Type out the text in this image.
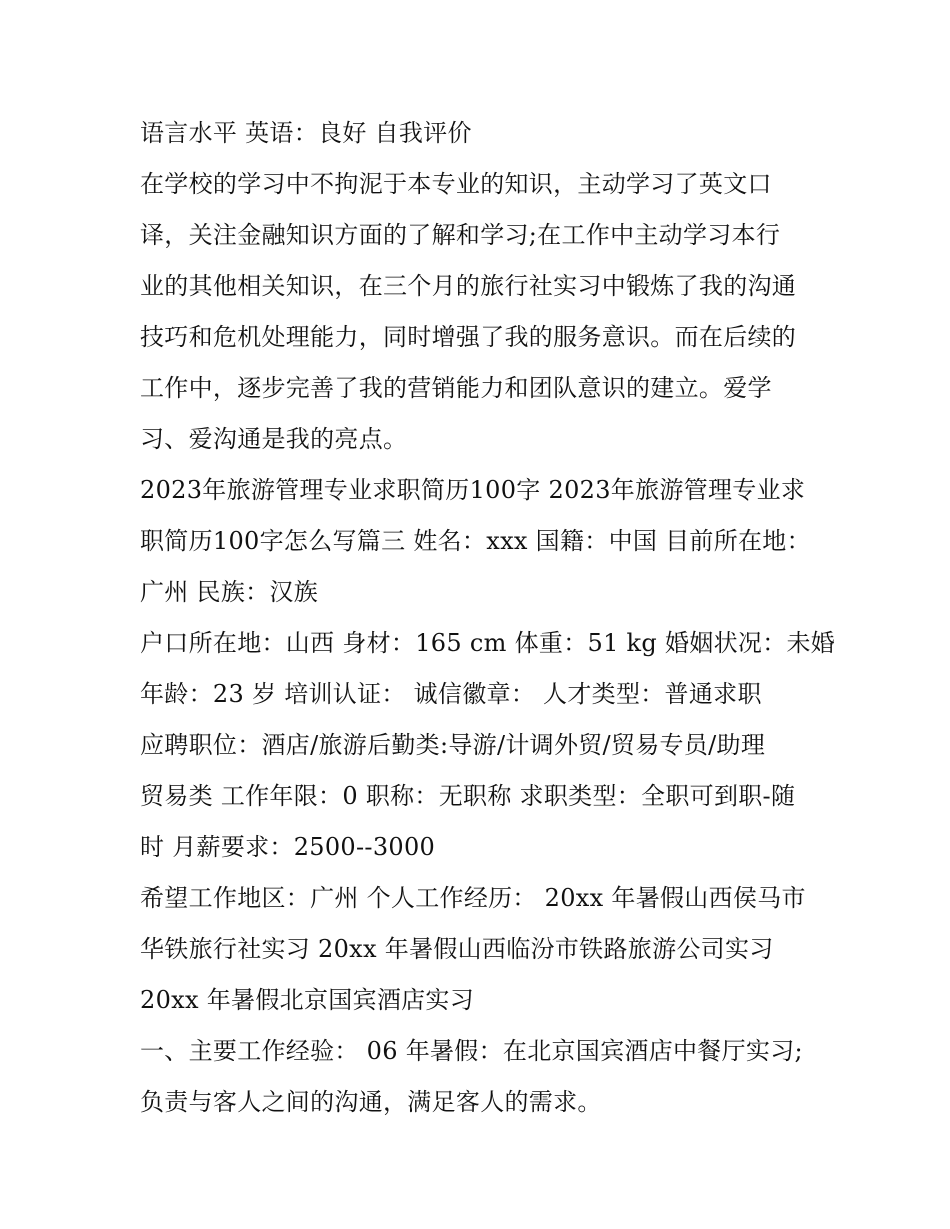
语言水平 英语：良好 自我评价
在学校的学习中不拘泥于本专业的知识，主动学习了英文口
译，关注金融知识方面的了解和学习;在工作中主动学习本行
业的其他相关知识，在三个月的旅行社实习中锻炼了我的沟通
技巧和危机处理能力，同时增强了我的服务意识。而在后续的
工作中，逐步完善了我的营销能力和团队意识的建立。爱学
习、爱沟通是我的亮点。
2023年旅游管理专业求职简历100字 2023年旅游管理专业求
职简历100字怎么写篇三 姓名：xxx 国籍：中国 目前所在地：
广州 民族：汉族
户口所在地：山西 身材：165 cm 体重：51 kg 婚姻状况：未婚
年龄：23 岁 培训认证： 诚信徽章： 人才类型：普通求职
应聘职位：酒店/旅游后勤类:导游/计调外贸/贸易专员/助理
贸易类 工作年限：0 职称：无职称 求职类型：全职可到职-随
时 月薪要求：2500--3000
希望工作地区：广州 个人工作经历： 20xx 年暑假山西侯马市
华铁旅行社实习 20xx 年暑假山西临汾市铁路旅游公司实习
20xx 年暑假北京国宾酒店实习
一、主要工作经验： 06 年暑假：在北京国宾酒店中餐厅实习;
负责与客人之间的沟通，满足客人的需求。
